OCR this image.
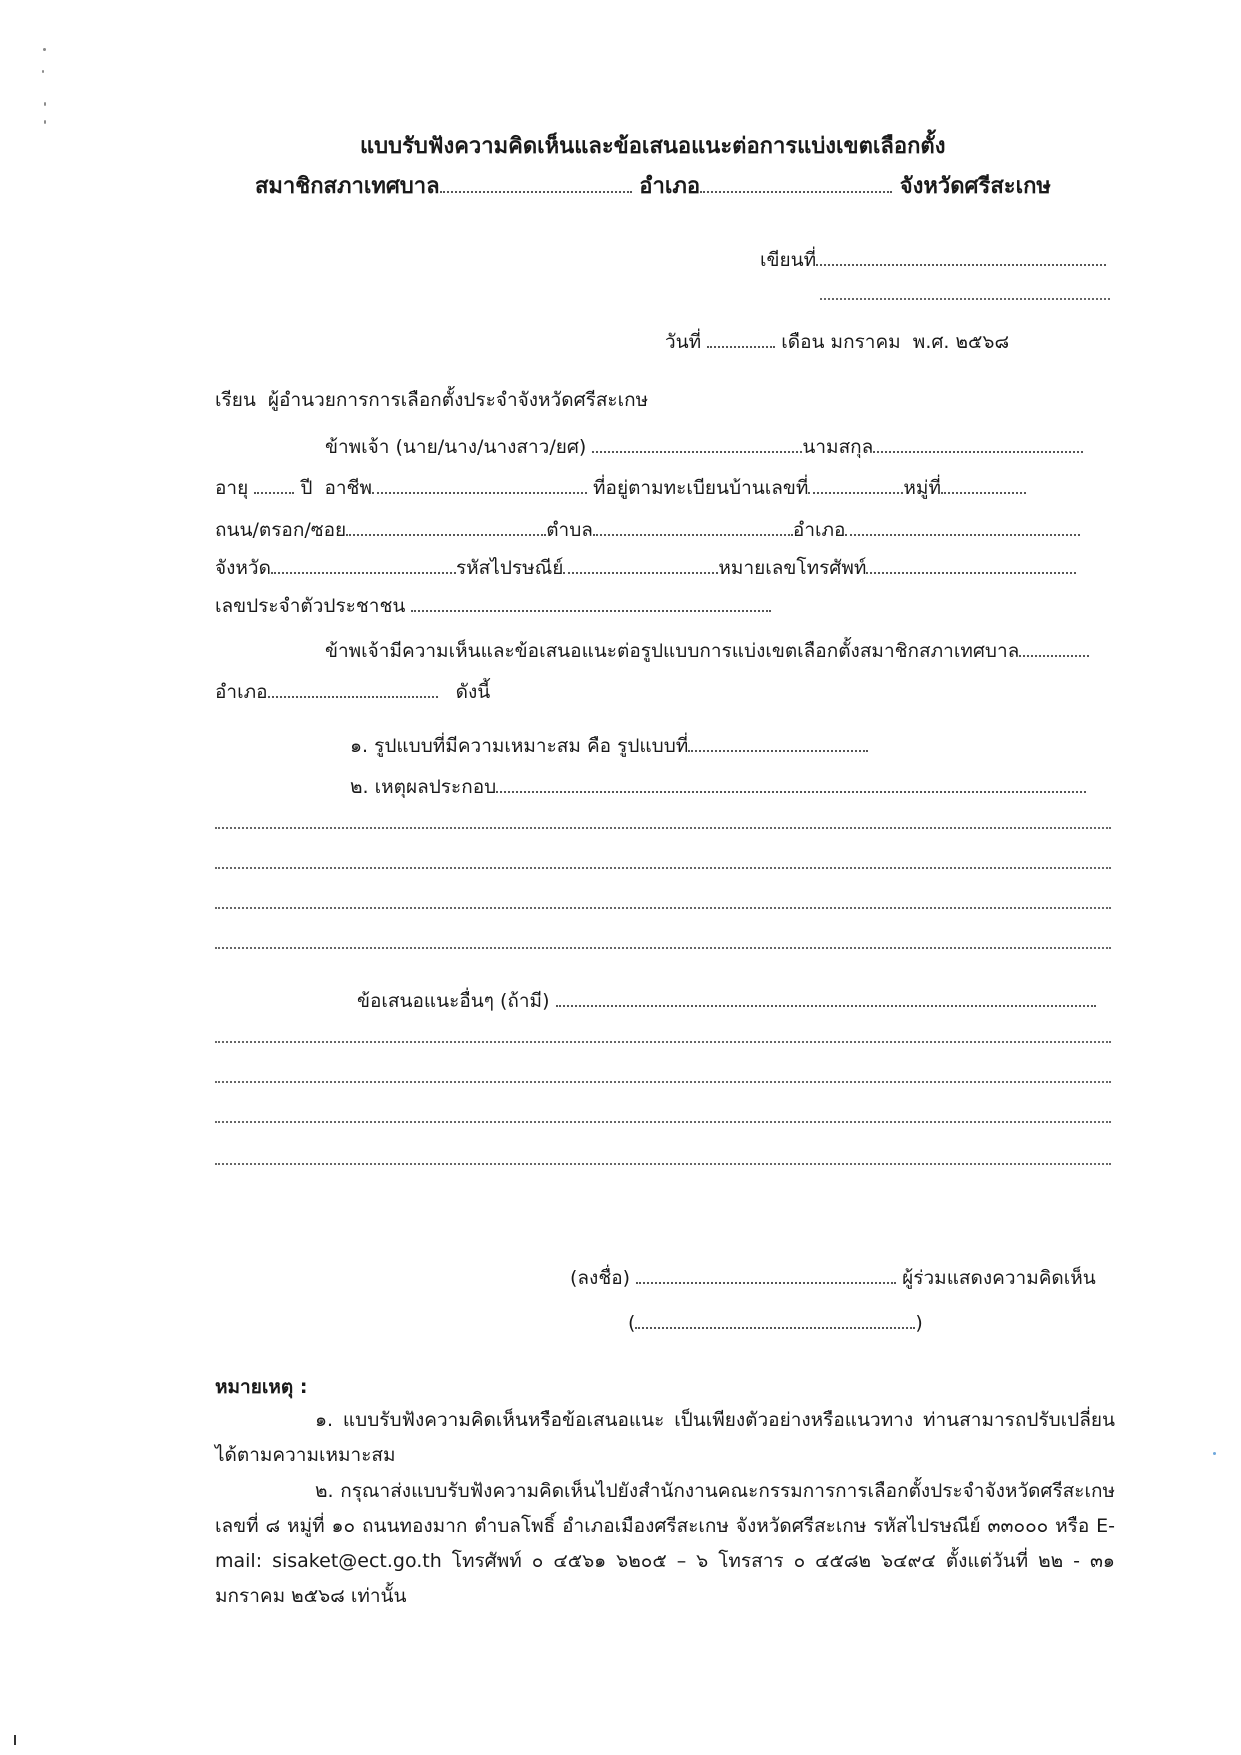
แบบรับฟังความคิดเห็นและข้อเสนอแนะต่อการแบ่งเขตเลือกตั้ง
สมาชิกสภาเทศบาล	อำเภอ	จังหวัดศรีสะเกษ
เขียนที่
วันที่	เดือน มกราคม พ.ศ. ๒๕๖๘
เรียน ผู้อำนวยการการเลือกตั้งประจำจังหวัดศรีสะเกษ
ข้าพเจ้า (นาย/นาง/นางสาว/ยศ)	นามสกุล
อายุ	ปี อาชีพ	ที่อยู่ตามทะเบียนบ้านเลขที่	หมู่ที่
ถนน/ตรอก/ซอย	ตำบล	อำเภอ
จังหวัด	รหัสไปรษณีย์	หมายเลขโทรศัพท์
เลขประจำตัวประชาชน
ข้าพเจ้ามีความเห็นและข้อเสนอแนะต่อรูปแบบการแบ่งเขตเลือกตั้งสมาชิกสภาเทศบาล
อำเภอ	ดังนี้
๑. รูปแบบที่มีความเหมาะสม คือ รูปแบบที่
๒. เหตุผลประกอบ
ข้อเสนอแนะอื่นๆ (ถ้ามี)
(ลงชื่อ)	ผู้ร่วมแสดงความคิดเห็น
(	)
หมายเหตุ :
๑. แบบรับฟังความคิดเห็นหรือข้อเสนอแนะ เป็นเพียงตัวอย่างหรือแนวทาง ท่านสามารถปรับเปลี่ยนได้ตามความเหมาะสม
๒. กรุณาส่งแบบรับฟังความคิดเห็นไปยังสำนักงานคณะกรรมการการเลือกตั้งประจำจังหวัดศรีสะเกษ เลขที่ ๘ หมู่ที่ ๑๐ ถนนทองมาก ตำบลโพธิ์ อำเภอเมืองศรีสะเกษ จังหวัดศรีสะเกษ รหัสไปรษณีย์ ๓๓๐๐๐ หรือ E-mail: sisaket@ect.go.th โทรศัพท์ ๐ ๔๕๖๑ ๖๒๐๕ – ๖ โทรสาร ๐ ๔๕๘๒ ๖๔๙๔ ตั้งแต่วันที่ ๒๒ - ๓๑ มกราคม ๒๕๖๘ เท่านั้น
